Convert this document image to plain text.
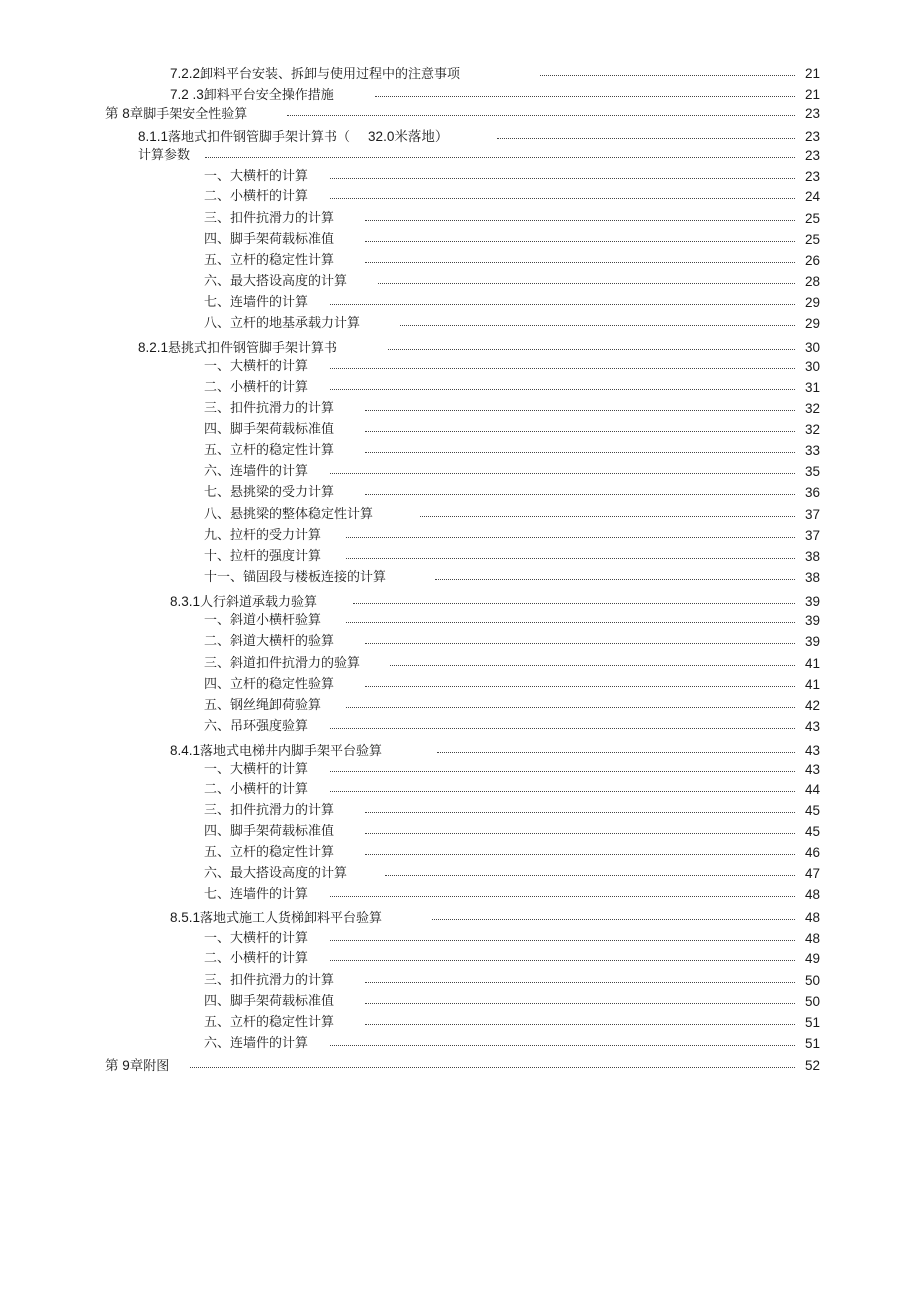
7.2.2卸料平台安装、拆卸与使用过程中的注意事项	21
7.2 .3卸料平台安全操作措施	21
第 8章脚手架安全性验算	23
8.1.1落地式扣件钢管脚手架计算书（ 32.0米落地）	23
计算参数	23
一、大横杆的计算	23
二、小横杆的计算	24
三、扣件抗滑力的计算	25
四、脚手架荷载标准值	25
五、立杆的稳定性计算	26
六、最大搭设高度的计算	28
七、连墙件的计算	29
八、立杆的地基承载力计算	29
8.2.1悬挑式扣件钢管脚手架计算书	30
一、大横杆的计算	30
二、小横杆的计算	31
三、扣件抗滑力的计算	32
四、脚手架荷载标准值	32
五、立杆的稳定性计算	33
六、连墙件的计算	35
七、悬挑梁的受力计算	36
八、悬挑梁的整体稳定性计算	37
九、拉杆的受力计算	37
十、拉杆的强度计算	38
十一、锚固段与楼板连接的计算	38
8.3.1人行斜道承载力验算	39
一、斜道小横杆验算	39
二、斜道大横杆的验算	39
三、斜道扣件抗滑力的验算	41
四、立杆的稳定性验算	41
五、钢丝绳卸荷验算	42
六、吊环强度验算	43
8.4.1落地式电梯井内脚手架平台验算	43
一、大横杆的计算	43
二、小横杆的计算	44
三、扣件抗滑力的计算	45
四、脚手架荷载标准值	45
五、立杆的稳定性计算	46
六、最大搭设高度的计算	47
七、连墙件的计算	48
8.5.1落地式施工人货梯卸料平台验算	48
一、大横杆的计算	48
二、小横杆的计算	49
三、扣件抗滑力的计算	50
四、脚手架荷载标准值	50
五、立杆的稳定性计算	51
六、连墙件的计算	51
第 9章附图	52
